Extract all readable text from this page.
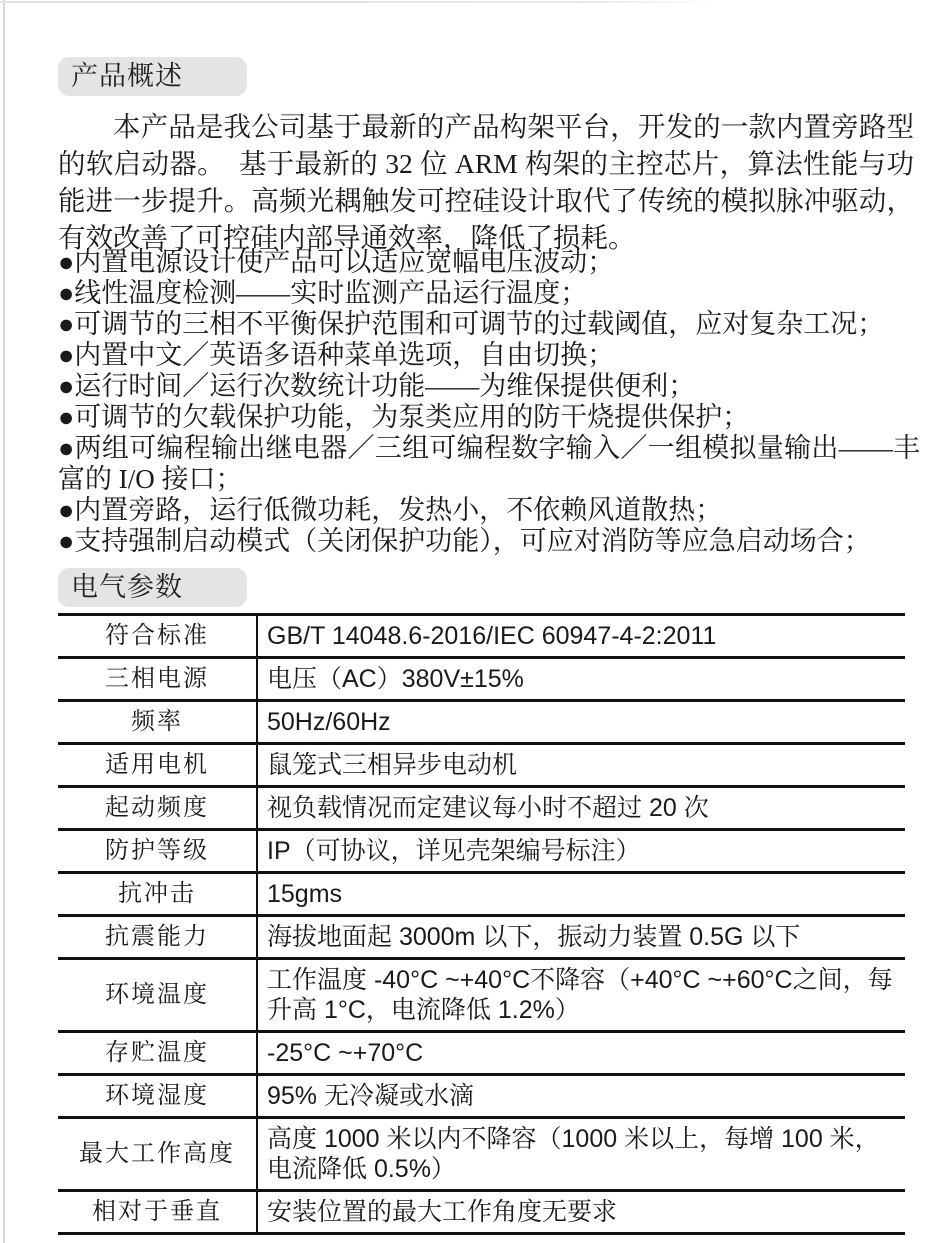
产品概述

本产品是我公司基于最新的产品构架平台，开发的一款内置旁路型的软启动器。　基于最新的 32 位 ARM 构架的主控芯片，算法性能与功能进一步提升。高频光耦触发可控硅设计取代了传统的模拟脉冲驱动，有效改善了可控硅内部导通效率，降低了损耗。

●内置电源设计使产品可以适应宽幅电压波动；
●线性温度检测——实时监测产品运行温度；
●可调节的三相不平衡保护范围和可调节的过载阈值，应对复杂工况；
●内置中文／英语多语种菜单选项，自由切换；
●运行时间／运行次数统计功能——为维保提供便利；
●可调节的欠载保护功能，为泵类应用的防干烧提供保护；
●两组可编程输出继电器／三组可编程数字输入／一组模拟量输出——丰富的 I/O 接口；
●内置旁路，运行低微功耗，发热小，不依赖风道散热；
●支持强制启动模式（关闭保护功能），可应对消防等应急启动场合；
电气参数
符合标准	GB/T 14048.6-2016/IEC 60947-4-2:2011
三相电源	电压（AC）380V±15%
频率	50Hz/60Hz
适用电机	鼠笼式三相异步电动机
起动频度	视负载情况而定建议每小时不超过 20 次
防护等级	IP（可协议，详见壳架编号标注）
抗冲击	15gms
抗震能力	海拔地面起 3000m 以下，振动力装置 0.5G 以下
环境温度	工作温度 -40°C ~+40°C不降容（+40°C ~+60°C之间，每升高 1°C，电流降低 1.2%）
存贮温度	-25°C ~+70°C
环境湿度	95% 无冷凝或水滴
最大工作高度	高度 1000 米以内不降容（1000 米以上，每增 100 米，电流降低 0.5%）
相对于垂直	安装位置的最大工作角度无要求
